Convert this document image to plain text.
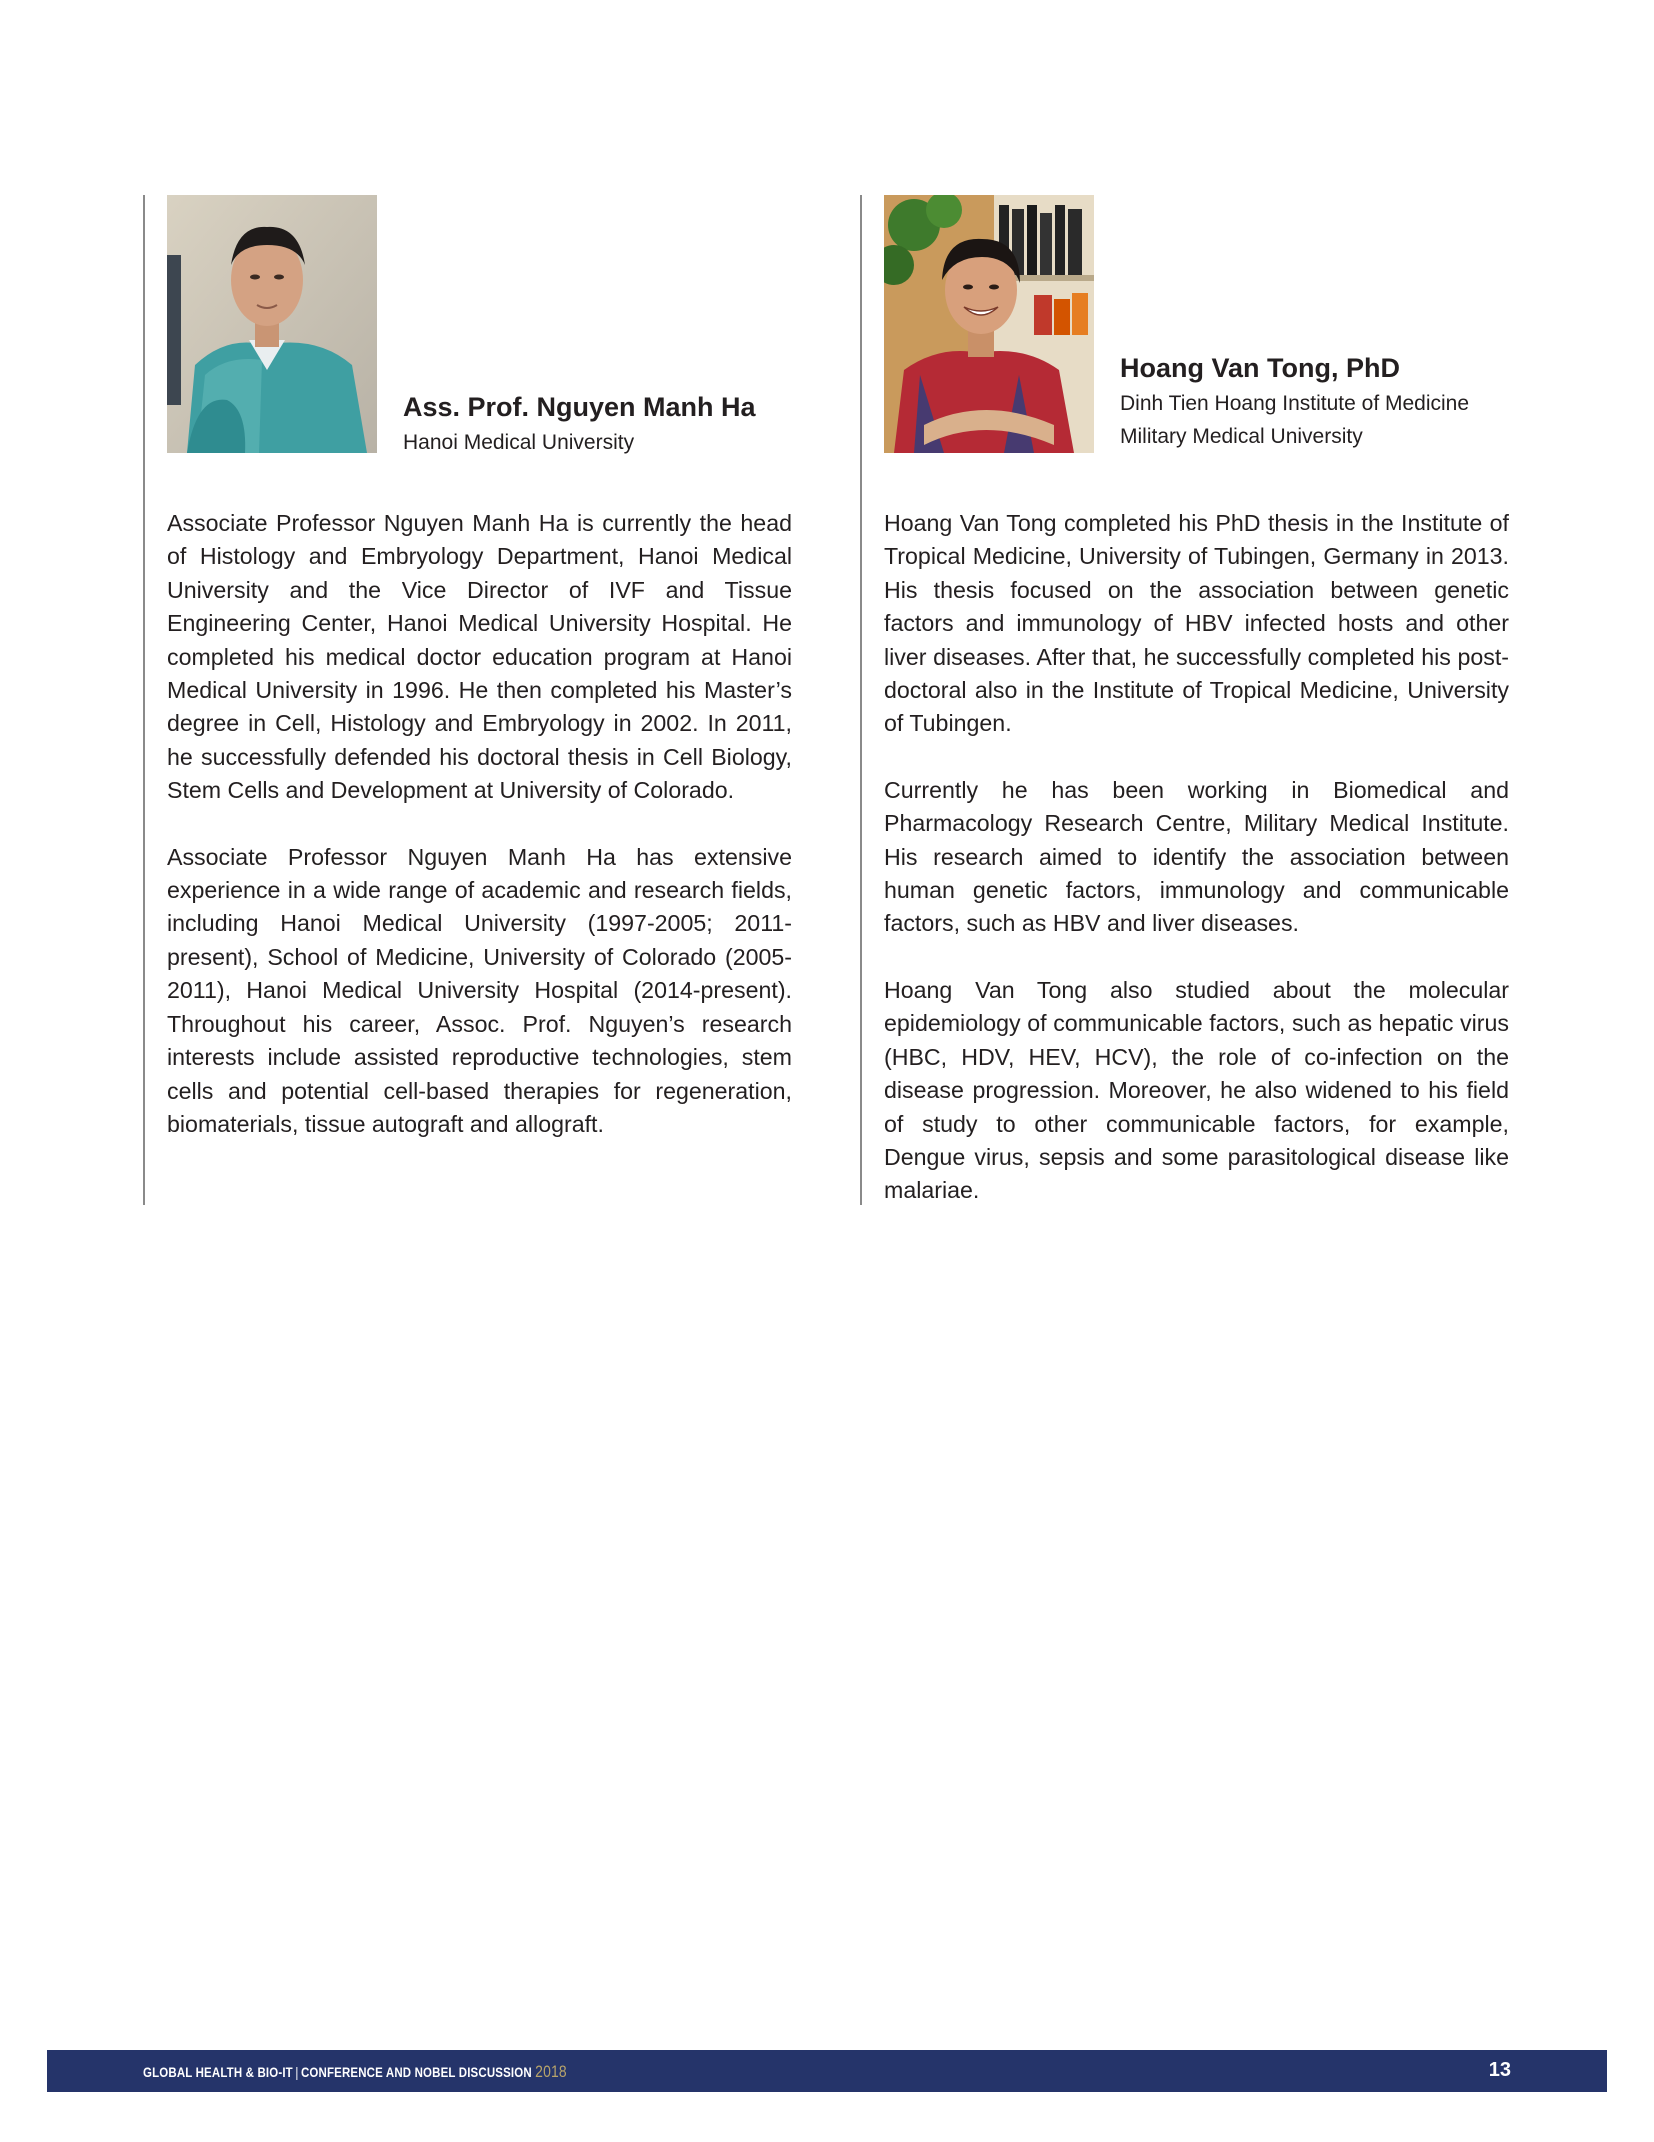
Ass. Prof. Nguyen Manh Ha
Hanoi Medical University

Associate Professor Nguyen Manh Ha is currently the head of Histology and Embryology Department, Hanoi Medical University and the Vice Director of IVF and Tissue Engineering Center, Hanoi Medical University Hospital. He completed his medical doctor education program at Hanoi Medical University in 1996. He then completed his Master’s degree in Cell, Histology and Embryology in 2002. In 2011, he successfully defended his doctoral thesis in Cell Biology, Stem Cells and Development at University of Colorado.

Associate Professor Nguyen Manh Ha has extensive experience in a wide range of academic and research fields, including Hanoi Medical University (1997-2005; 2011-present), School of Medicine, University of Colorado (2005-2011), Hanoi Medical University Hospital (2014-present). Throughout his career, Assoc. Prof. Nguyen’s research interests include assisted reproductive technologies, stem cells and potential cell-based therapies for regeneration, biomaterials, tissue autograft and allograft.

Hoang Van Tong, PhD
Dinh Tien Hoang Institute of Medicine
Military Medical University

Hoang Van Tong completed his PhD thesis in the Institute of Tropical Medicine, University of Tubingen, Germany in 2013. His thesis focused on the association between genetic factors and immunology of HBV infected hosts and other liver diseases. After that, he successfully completed his post-doctoral also in the Institute of Tropical Medicine, University of Tubingen.

Currently he has been working in Biomedical and Pharmacology Research Centre, Military Medical Institute. His research aimed to identify the association between human genetic factors, immunology and communicable factors, such as HBV and liver diseases.

Hoang Van Tong also studied about the molecular epidemiology of communicable factors, such as hepatic virus (HBC, HDV, HEV, HCV), the role of co-infection on the disease progression. Moreover, he also widened to his field of study to other communicable factors, for example, Dengue virus, sepsis and some parasitological disease like malariae.

GLOBAL HEALTH & BIO-IT | CONFERENCE AND NOBEL DISCUSSION 2018	13
